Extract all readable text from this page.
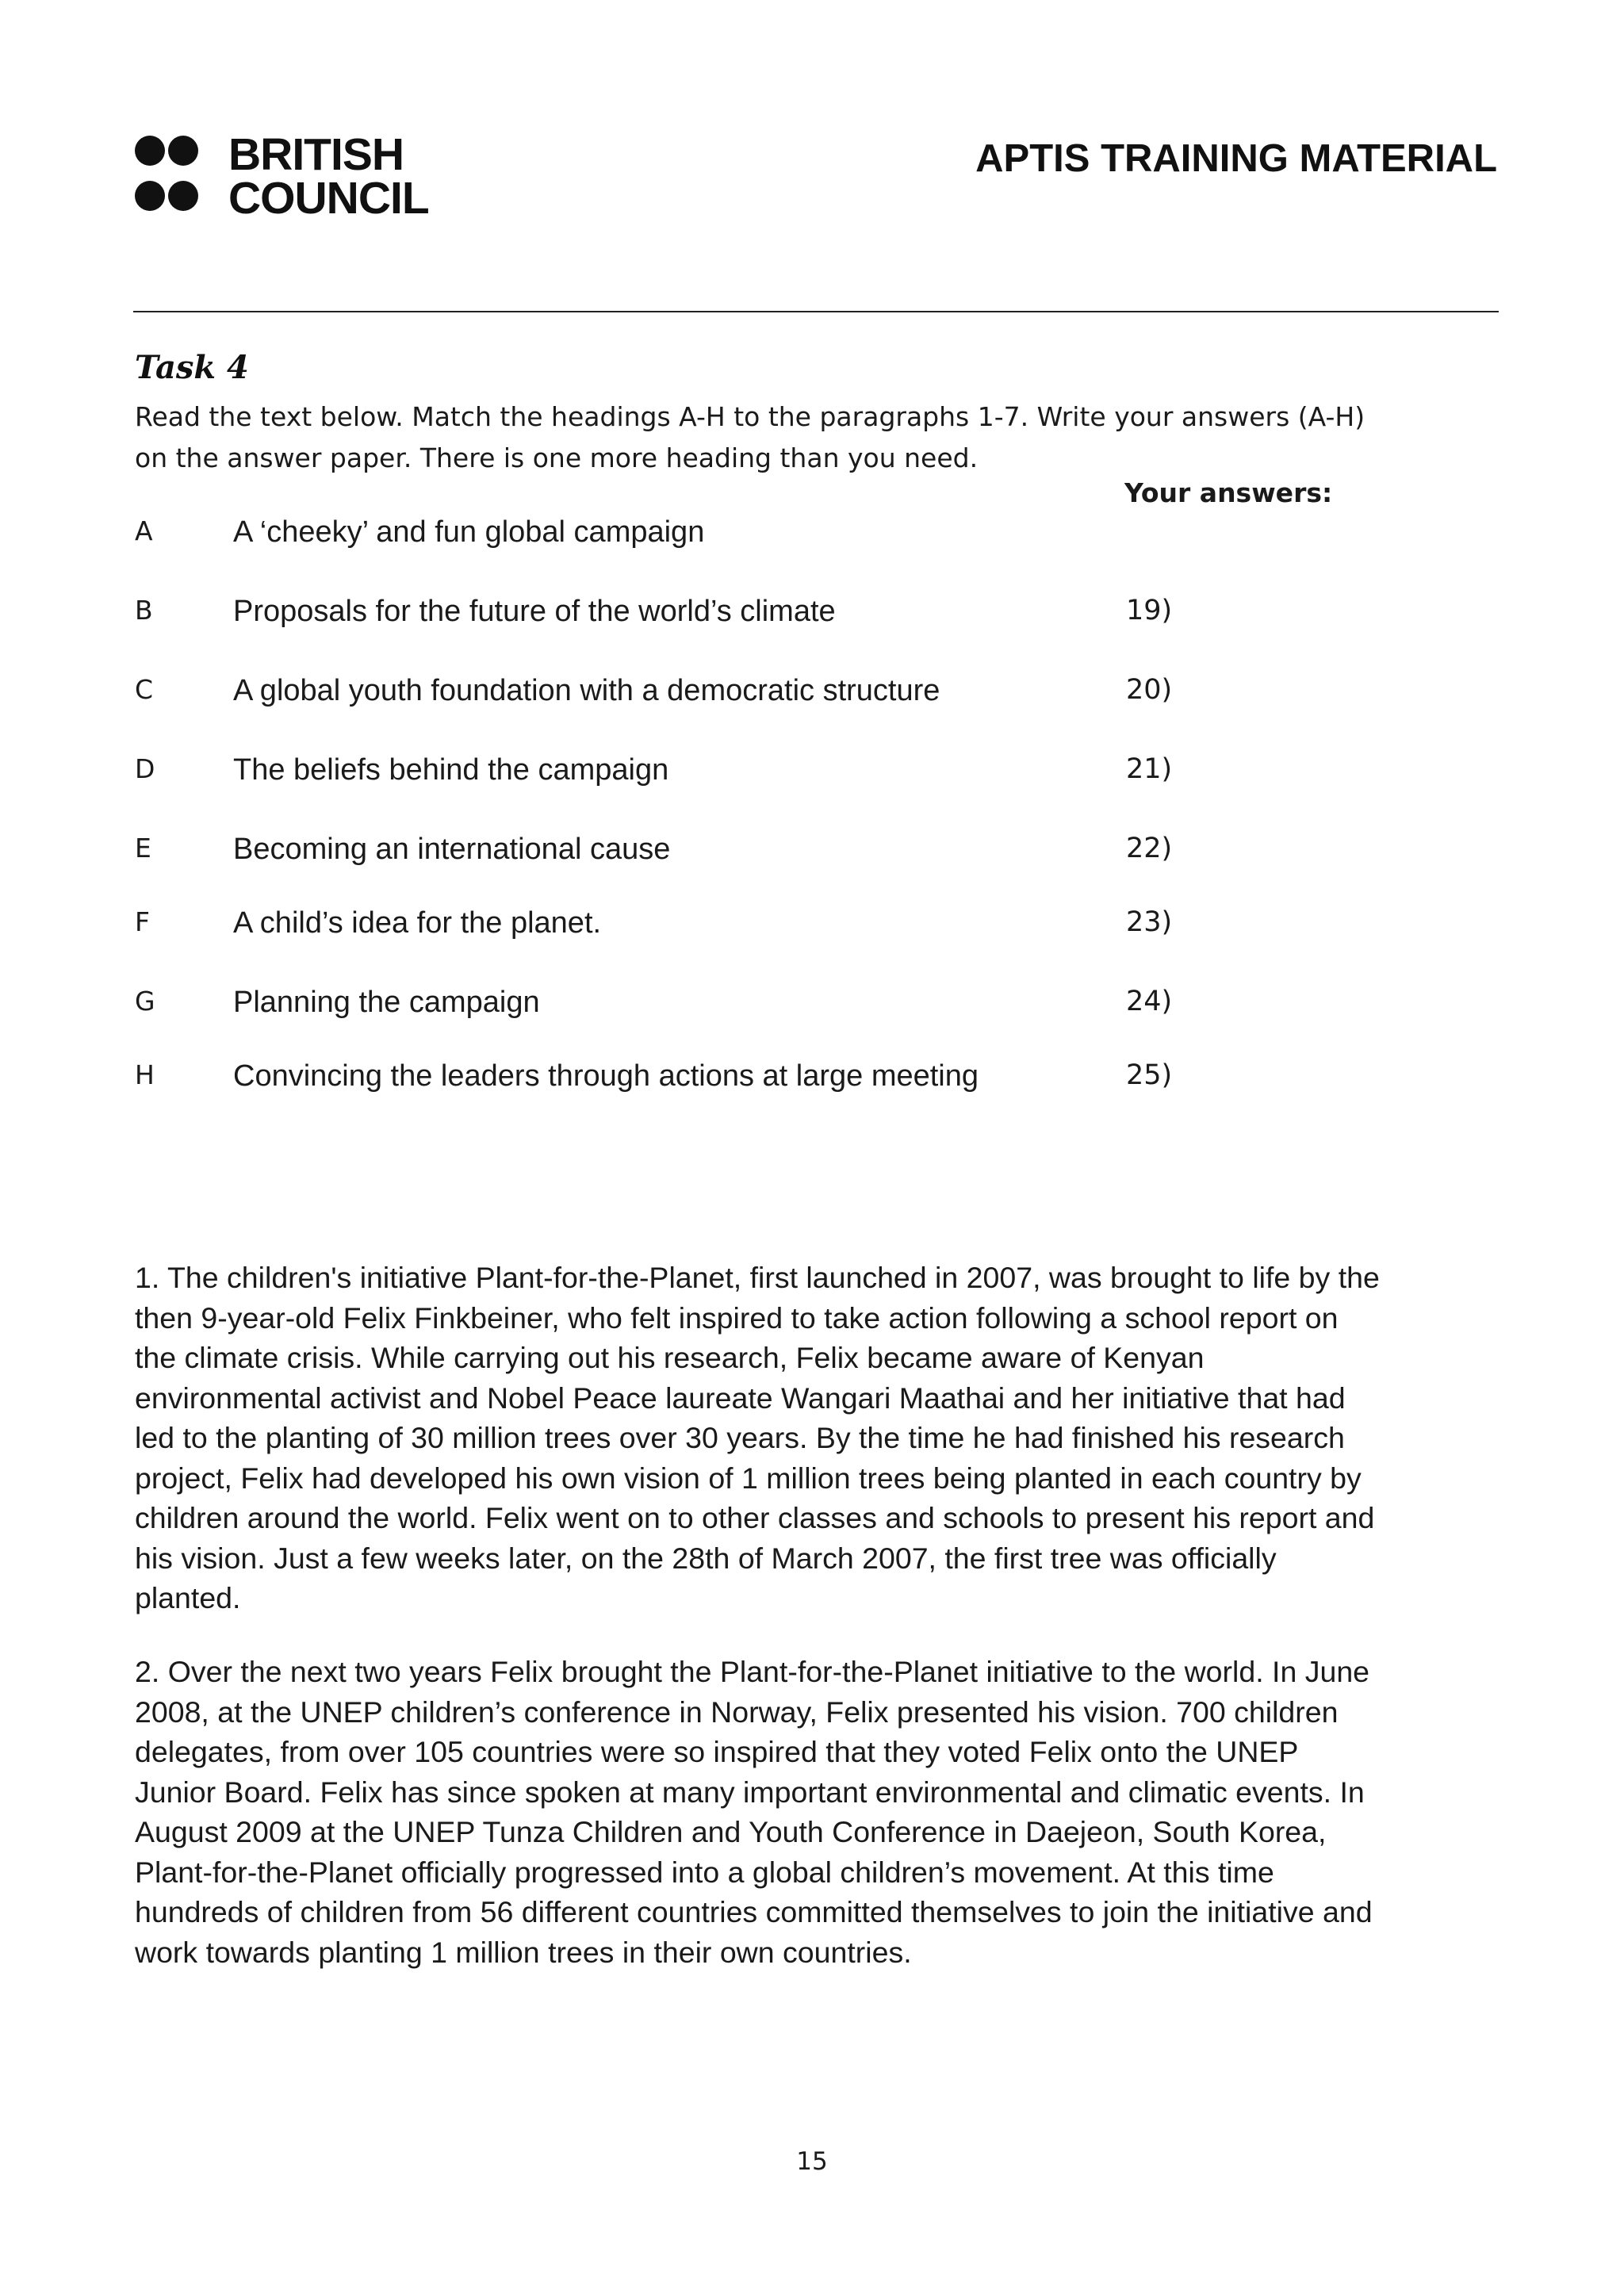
BRITISH
COUNCIL
APTIS TRAINING MATERIAL
Task 4

Read the text below. Match the headings A-H to the paragraphs 1-7. Write your answers (A-H)

on the answer paper. There is one more heading than you need.

Your answers:
A	A ‘cheeky’ and fun global campaign
B	Proposals for the future of the world’s climate	19)
C	A global youth foundation with a democratic structure	20)
D	The beliefs behind the campaign	21)
E	Becoming an international cause	22)
F	A child’s idea for the planet.	23)
G	Planning the campaign	24)
H	Convincing the leaders through actions at large meeting	25)
1. The children's initiative Plant-for-the-Planet, first launched in 2007, was brought to life by the
then 9-year-old Felix Finkbeiner, who felt inspired to take action following a school report on
the climate crisis. While carrying out his research, Felix became aware of Kenyan
environmental activist and Nobel Peace laureate Wangari Maathai and her initiative that had
led to the planting of 30 million trees over 30 years. By the time he had finished his research
project, Felix had developed his own vision of 1 million trees being planted in each country by
children around the world. Felix went on to other classes and schools to present his report and
his vision. Just a few weeks later, on the 28th of March 2007, the first tree was officially
planted.
2. Over the next two years Felix brought the Plant-for-the-Planet initiative to the world. In June
2008, at the UNEP children’s conference in Norway, Felix presented his vision. 700 children
delegates, from over 105 countries were so inspired that they voted Felix onto the UNEP
Junior Board. Felix has since spoken at many important environmental and climatic events. In
August 2009 at the UNEP Tunza Children and Youth Conference in Daejeon, South Korea,
Plant-for-the-Planet officially progressed into a global children’s movement. At this time
hundreds of children from 56 different countries committed themselves to join the initiative and
work towards planting 1 million trees in their own countries.
15
